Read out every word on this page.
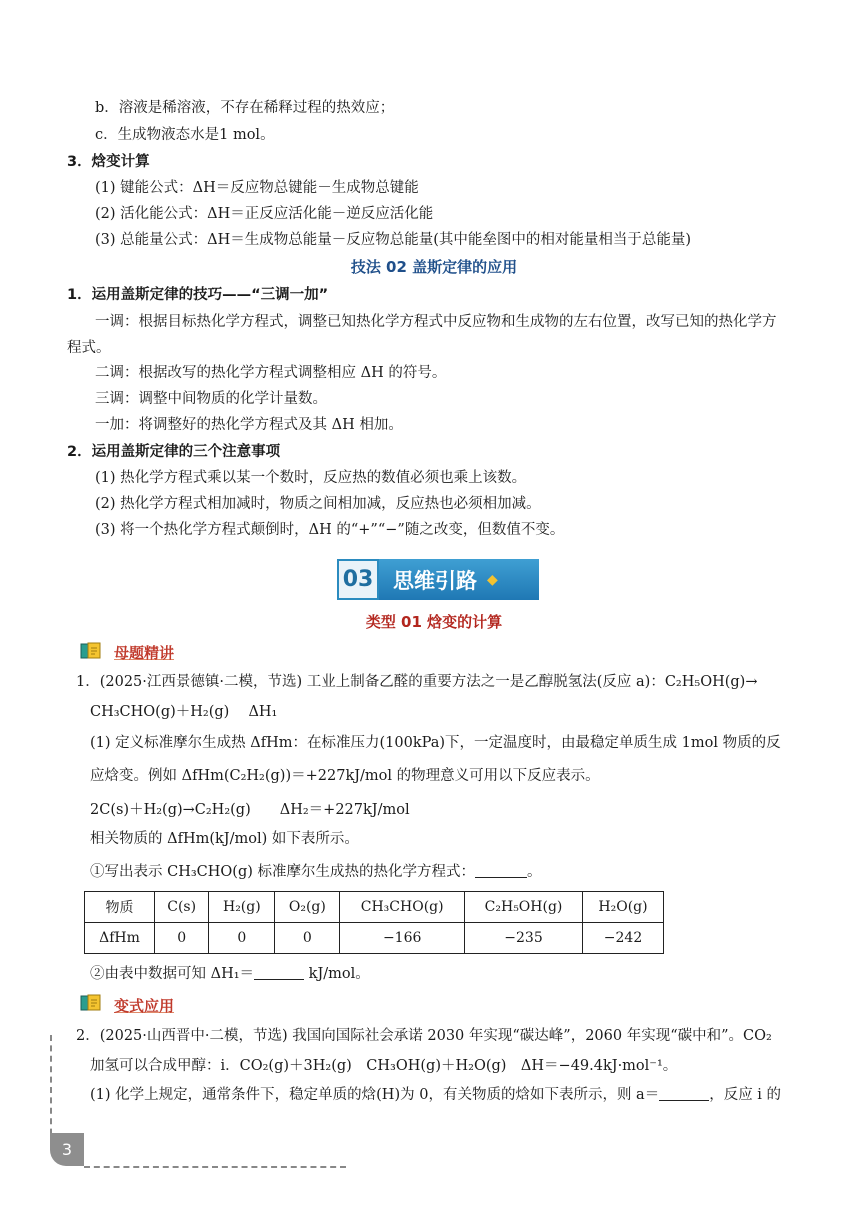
b．溶液是稀溶液，不存在稀释过程的热效应；
c．生成物液态水是1 mol。
3．焓变计算
(1) 键能公式：ΔH＝反应物总键能－生成物总键能
(2) 活化能公式：ΔH＝正反应活化能－逆反应活化能
(3) 总能量公式：ΔH＝生成物总能量－反应物总能量(其中能垒图中的相对能量相当于总能量)
技法 02 盖斯定律的应用
1．运用盖斯定律的技巧——“三调一加”
一调：根据目标热化学方程式，调整已知热化学方程式中反应物和生成物的左右位置，改写已知的热化学方
程式。
二调：根据改写的热化学方程式调整相应 ΔH 的符号。
三调：调整中间物质的化学计量数。
一加：将调整好的热化学方程式及其 ΔH 相加。
2．运用盖斯定律的三个注意事项
(1) 热化学方程式乘以某一个数时，反应热的数值必须也乘上该数。
(2) 热化学方程式相加减时，物质之间相加减，反应热也必须相加减。
(3) 将一个热化学方程式颠倒时，ΔH 的“+”“−”随之改变，但数值不变。
03 思维引路 ◆
类型 01 焓变的计算
母题精讲
1．(2025·江西景德镇·二模，节选) 工业上制备乙醛的重要方法之一是乙醇脱氢法(反应 a)：C₂H₅OH(g)→
CH₃CHO(g)＋H₂(g)　 ΔH₁
(1) 定义标准摩尔生成热 ΔfHm：在标准压力(100kPa)下，一定温度时，由最稳定单质生成 1mol 物质的反
应焓变。例如 ΔfHm(C₂H₂(g))＝+227kJ/mol 的物理意义可用以下反应表示。
2C(s)＋H₂(g)→C₂H₂(g)　　ΔH₂＝+227kJ/mol
相关物质的 ΔfHm(kJ/mol) 如下表所示。
①写出表示 CH₃CHO(g) 标准摩尔生成热的热化学方程式：	。
物质	C(s)	H₂(g)	O₂(g)	CH₃CHO(g)	C₂H₅OH(g)	H₂O(g)
ΔfHm	0	0	0	−166	−235	−242
②由表中数据可知 ΔH₁＝	kJ/mol。
变式应用
2．(2025·山西晋中·二模，节选) 我国向国际社会承诺 2030 年实现“碳达峰”，2060 年实现“碳中和”。CO₂
加氢可以合成甲醇：i．CO₂(g)＋3H₂(g)　CH₃OH(g)＋H₂O(g)　ΔH＝−49.4kJ·mol⁻¹。
(1) 化学上规定，通常条件下，稳定单质的焓(H)为 0，有关物质的焓如下表所示，则 a＝	，反应 i 的
3
